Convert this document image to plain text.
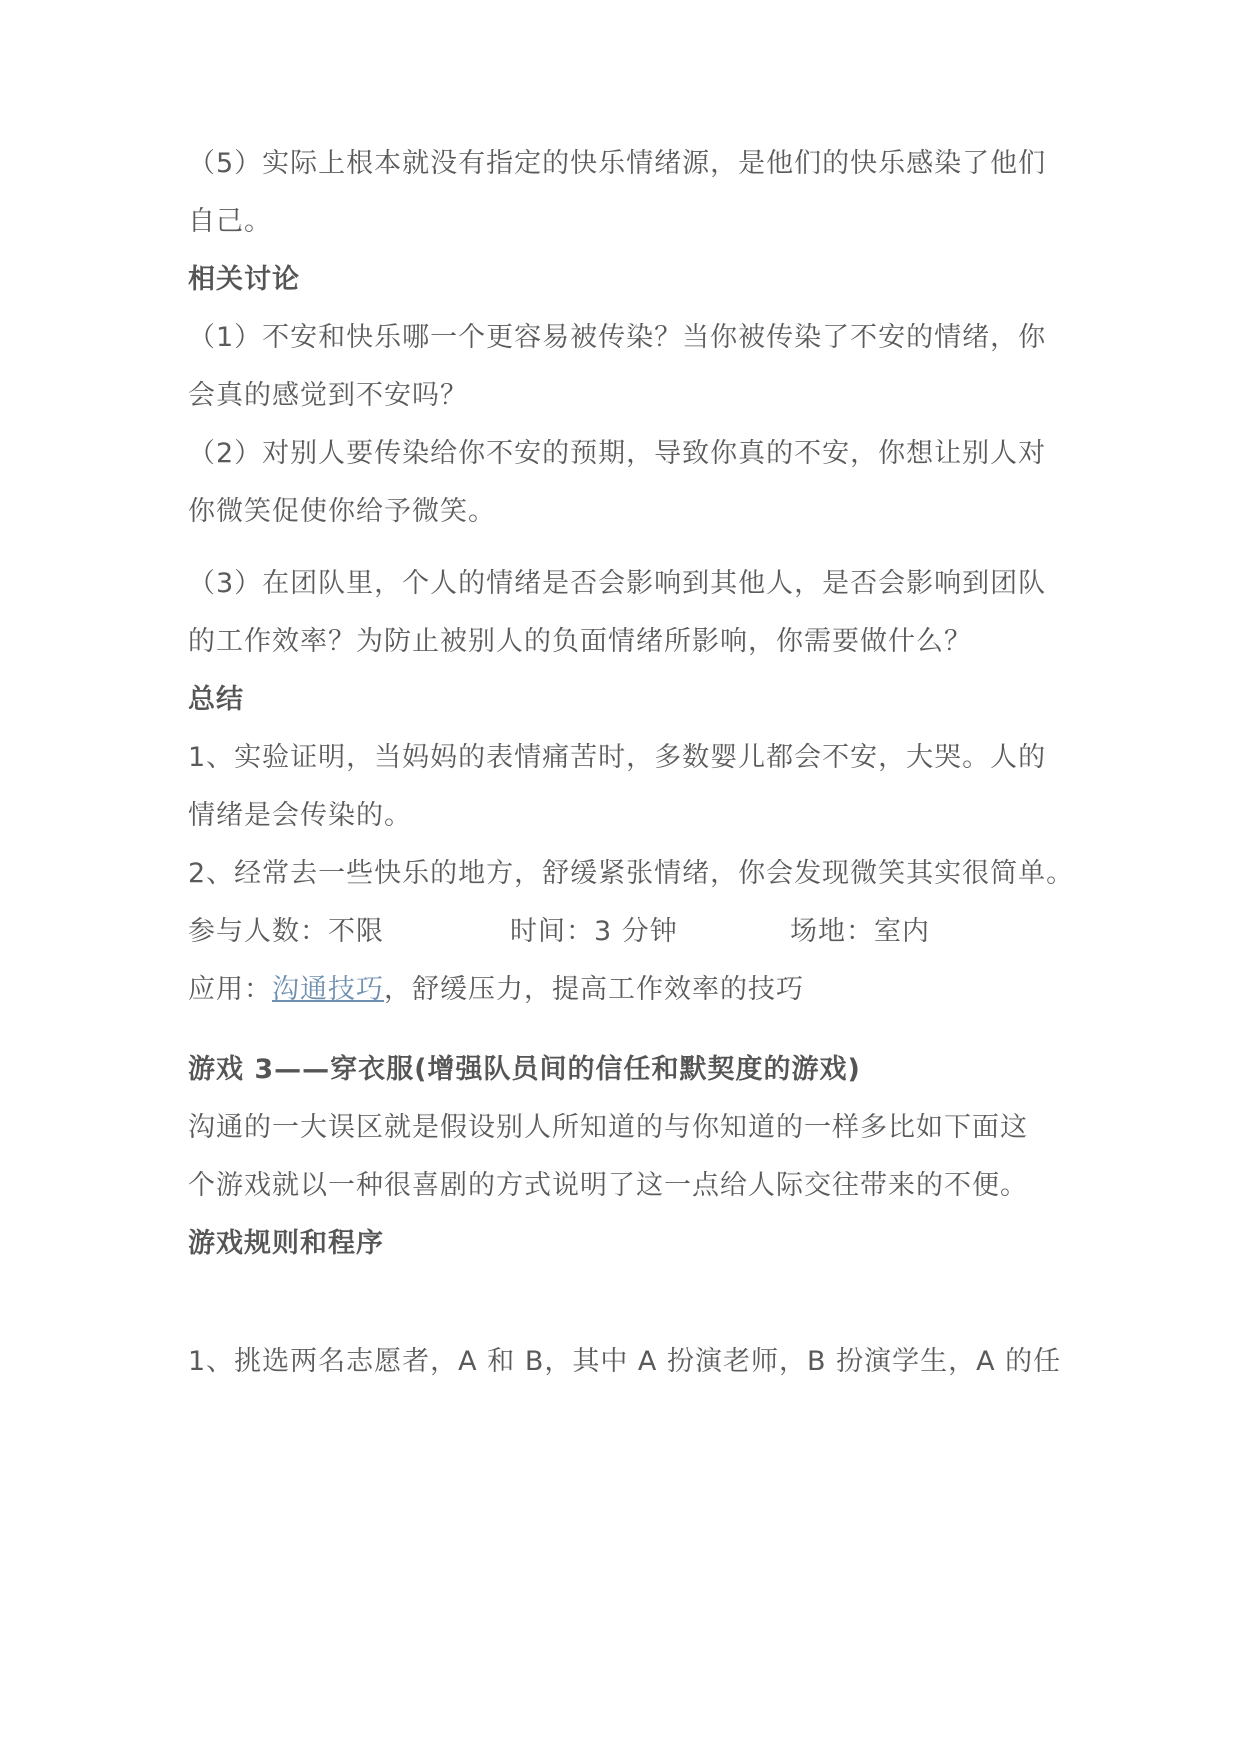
（5）实际上根本就没有指定的快乐情绪源，是他们的快乐感染了他们
自己。
相关讨论
（1）不安和快乐哪一个更容易被传染？当你被传染了不安的情绪，你
会真的感觉到不安吗？
（2）对别人要传染给你不安的预期，导致你真的不安，你想让别人对
你微笑促使你给予微笑。
（3）在团队里，个人的情绪是否会影响到其他人，是否会影响到团队
的工作效率？为防止被别人的负面情绪所影响，你需要做什么？
总结
1、实验证明，当妈妈的表情痛苦时，多数婴儿都会不安，大哭。人的
情绪是会传染的。
2、经常去一些快乐的地方，舒缓紧张情绪，你会发现微笑其实很简单。
参与人数：不限	时间：3 分钟	场地：室内
应用：沟通技巧，舒缓压力，提高工作效率的技巧
游戏 3——穿衣服(增强队员间的信任和默契度的游戏)
沟通的一大误区就是假设别人所知道的与你知道的一样多比如下面这
个游戏就以一种很喜剧的方式说明了这一点给人际交往带来的不便。
游戏规则和程序
1、挑选两名志愿者，A 和 B，其中 A 扮演老师，B 扮演学生，A 的任
